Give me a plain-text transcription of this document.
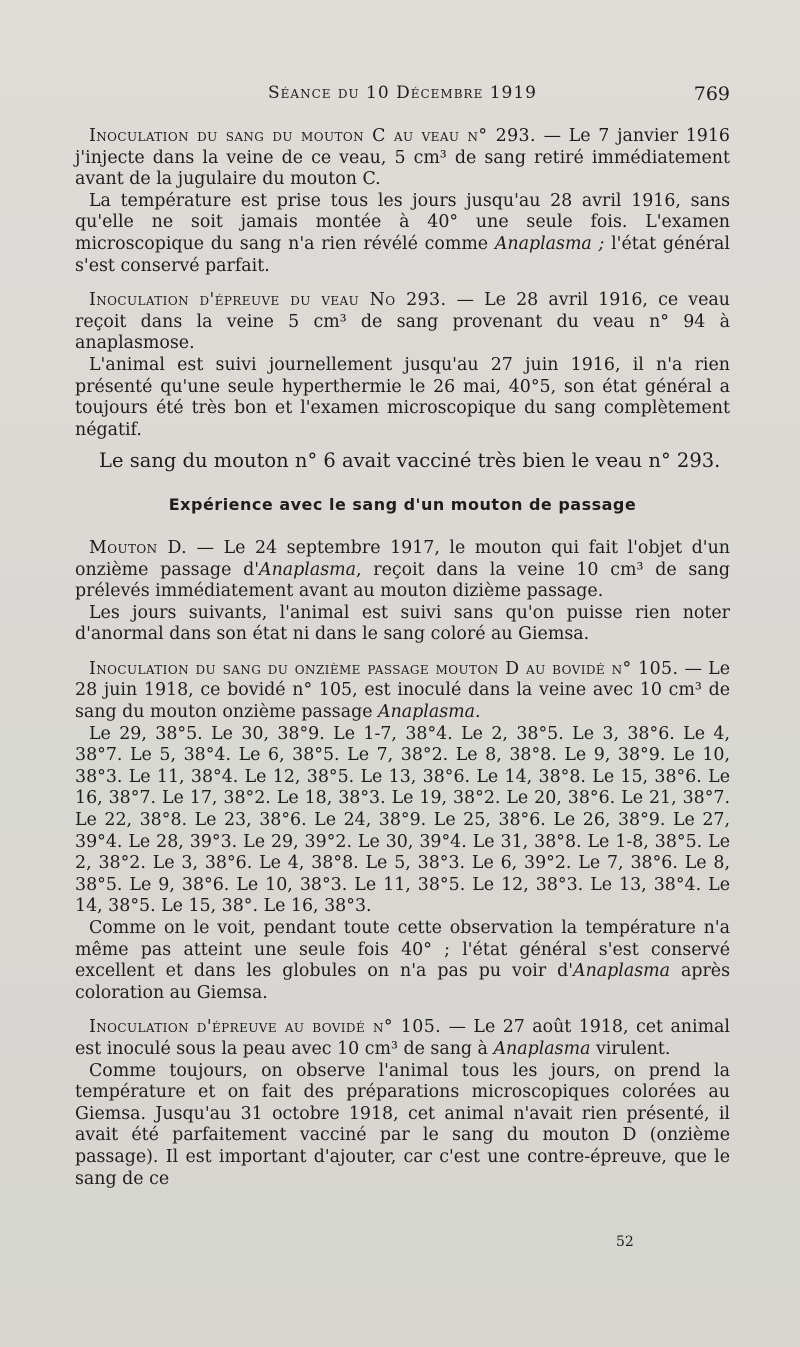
Séance du 10 Décembre 1919	769

Inoculation du sang du mouton C au veau n° 293. — Le 7 janvier 1916 j'injecte dans la veine de ce veau, 5 cm³ de sang retiré immédiatement avant de la jugulaire du mouton C.

La température est prise tous les jours jusqu'au 28 avril 1916, sans qu'elle ne soit jamais montée à 40° une seule fois. L'examen microscopique du sang n'a rien révélé comme Anaplasma ; l'état général s'est conservé parfait.

Inoculation d'épreuve du veau No 293. — Le 28 avril 1916, ce veau reçoit dans la veine 5 cm³ de sang provenant du veau n° 94 à anaplasmose.

L'animal est suivi journellement jusqu'au 27 juin 1916, il n'a rien présenté qu'une seule hyperthermie le 26 mai, 40°5, son état général a toujours été très bon et l'examen microscopique du sang complètement négatif.

Le sang du mouton n° 6 avait vacciné très bien le veau n° 293.

Expérience avec le sang d'un mouton de passage

Mouton D. — Le 24 septembre 1917, le mouton qui fait l'objet d'un onzième passage d'Anaplasma, reçoit dans la veine 10 cm³ de sang prélevés immédiatement avant au mouton dizième passage.

Les jours suivants, l'animal est suivi sans qu'on puisse rien noter d'anormal dans son état ni dans le sang coloré au Giemsa.

Inoculation du sang du onzième passage mouton D au bovidé n° 105. — Le 28 juin 1918, ce bovidé n° 105, est inoculé dans la veine avec 10 cm³ de sang du mouton onzième passage Anaplasma.

Le 29, 38°5. Le 30, 38°9. Le 1-7, 38°4. Le 2, 38°5. Le 3, 38°6. Le 4, 38°7. Le 5, 38°4. Le 6, 38°5. Le 7, 38°2. Le 8, 38°8. Le 9, 38°9. Le 10, 38°3. Le 11, 38°4. Le 12, 38°5. Le 13, 38°6. Le 14, 38°8. Le 15, 38°6. Le 16, 38°7. Le 17, 38°2. Le 18, 38°3. Le 19, 38°2. Le 20, 38°6. Le 21, 38°7. Le 22, 38°8. Le 23, 38°6. Le 24, 38°9. Le 25, 38°6. Le 26, 38°9. Le 27, 39°4. Le 28, 39°3. Le 29, 39°2. Le 30, 39°4. Le 31, 38°8. Le 1-8, 38°5. Le 2, 38°2. Le 3, 38°6. Le 4, 38°8. Le 5, 38°3. Le 6, 39°2. Le 7, 38°6. Le 8, 38°5. Le 9, 38°6. Le 10, 38°3. Le 11, 38°5. Le 12, 38°3. Le 13, 38°4. Le 14, 38°5. Le 15, 38°. Le 16, 38°3.

Comme on le voit, pendant toute cette observation la température n'a même pas atteint une seule fois 40° ; l'état général s'est conservé excellent et dans les globules on n'a pas pu voir d'Anaplasma après coloration au Giemsa.

Inoculation d'épreuve au bovidé n° 105. — Le 27 août 1918, cet animal est inoculé sous la peau avec 10 cm³ de sang à Anaplasma virulent.

Comme toujours, on observe l'animal tous les jours, on prend la température et on fait des préparations microscopiques colorées au Giemsa. Jusqu'au 31 octobre 1918, cet animal n'avait rien présenté, il avait été parfaitement vacciné par le sang du mouton D (onzième passage). Il est important d'ajouter, car c'est une contre-épreuve, que le sang de ce

52
